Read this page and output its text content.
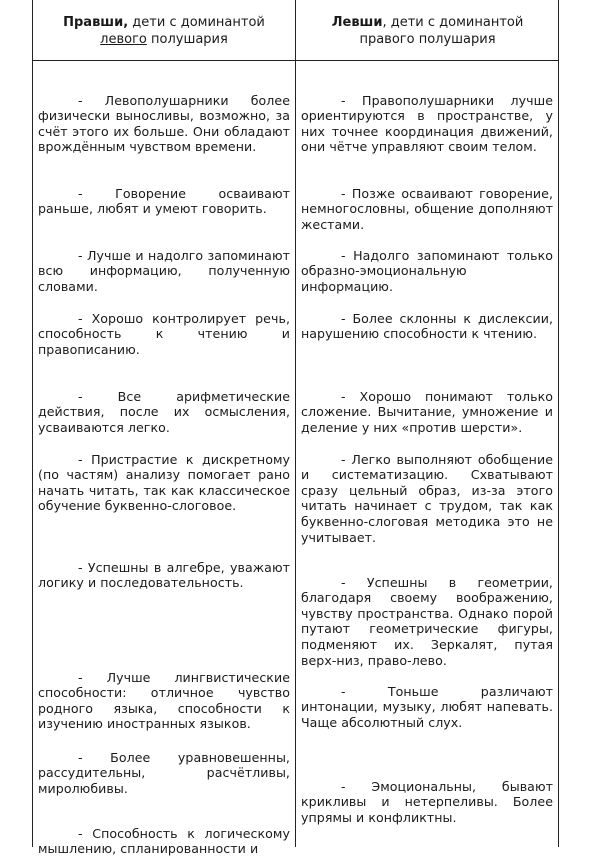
Правши, дети с доминантой
левого полушария
Левши, дети с доминантой
правого полушария

- Левополушарники более физически выносливы, возможно, за счёт этого их больше. Они обладают врождённым чувством времени.

- Говорение осваивают раньше, любят и умеют говорить.

- Лучше и надолго запоминают всю информацию, полученную словами.

- Хорошо контролирует речь, способность к чтению и правописанию.

- Все арифметические действия, после их осмысления, усваиваются легко.

- Пристрастие к дискретному (по частям) анализу помогает рано начать читать, так как классическое обучение буквенно-слоговое.

- Успешны в алгебре, уважают логику и последовательность.

- Лучше лингвистические способности: отличное чувство родного языка, способности к изучению иностранных языков.

- Более уравновешенны, рассудительны, расчётливы, миролюбивы.

- Способность к логическому мышлению, спланированности и

- Правополушарники лучше ориентируются в пространстве, у них точнее координация движений, они чётче управляют своим телом.

- Позже осваивают говорение, немногословны, общение дополняют жестами.

- Надолго запоминают только образно-эмоциональную информацию.

- Более склонны к дислексии, нарушению способности к чтению.

- Хорошо понимают только сложение. Вычитание, умножение и деление у них «против шерсти».

- Легко выполняют обобщение и систематизацию. Схватывают сразу цельный образ, из-за этого читать начинает с трудом, так как буквенно-слоговая методика это не учитывает.

- Успешны в геометрии, благодаря своему воображению, чувству пространства. Однако порой путают геометрические фигуры, подменяют их. Зеркалят, путая верх-низ, право-лево.

- Тоньше различают интонации, музыку, любят напевать. Чаще абсолютный слух.

- Эмоциональны, бывают крикливы и нетерпеливы. Более упрямы и конфликтны.
